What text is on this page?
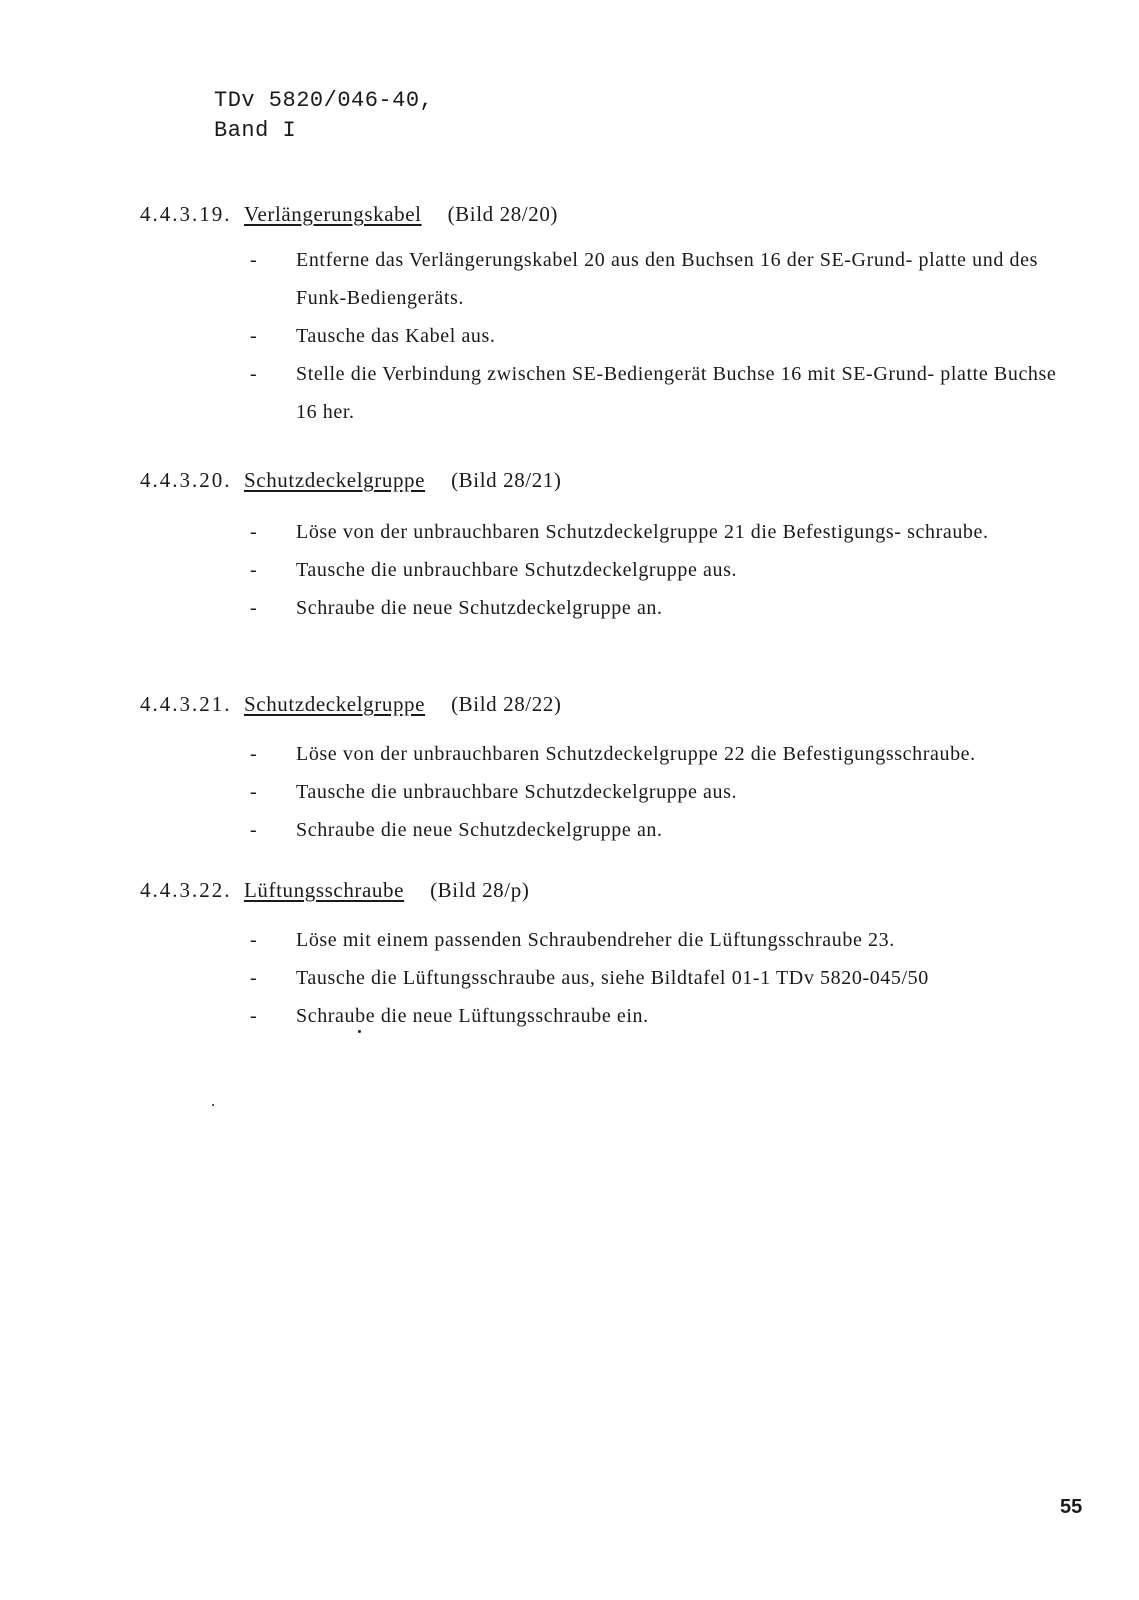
TDv 5820/046-40,
Band I
4.4.3.19. Verlängerungskabel (Bild 28/20)
-	Entferne das Verlängerungskabel 20 aus den Buchsen 16 der SE-Grund- platte und des Funk-Bediengeräts.
-	Tausche das Kabel aus.
-	Stelle die Verbindung zwischen SE-Bediengerät Buchse 16 mit SE-Grund- platte Buchse 16 her.
4.4.3.20. Schutzdeckelgruppe (Bild 28/21)
-	Löse von der unbrauchbaren Schutzdeckelgruppe 21 die Befestigungs- schraube.
-	Tausche die unbrauchbare Schutzdeckelgruppe aus.
-	Schraube die neue Schutzdeckelgruppe an.
4.4.3.21. Schutzdeckelgruppe (Bild 28/22)
-	Löse von der unbrauchbaren Schutzdeckelgruppe 22 die Befestigungsschraube.
-	Tausche die unbrauchbare Schutzdeckelgruppe aus.
-	Schraube die neue Schutzdeckelgruppe an.
4.4.3.22. Lüftungsschraube (Bild 28/p)
-	Löse mit einem passenden Schraubendreher die Lüftungsschraube 23.
-	Tausche die Lüftungsschraube aus, siehe Bildtafel 01-1 TDv 5820-045/50
-	Schraube die neue Lüftungsschraube ein.
55
